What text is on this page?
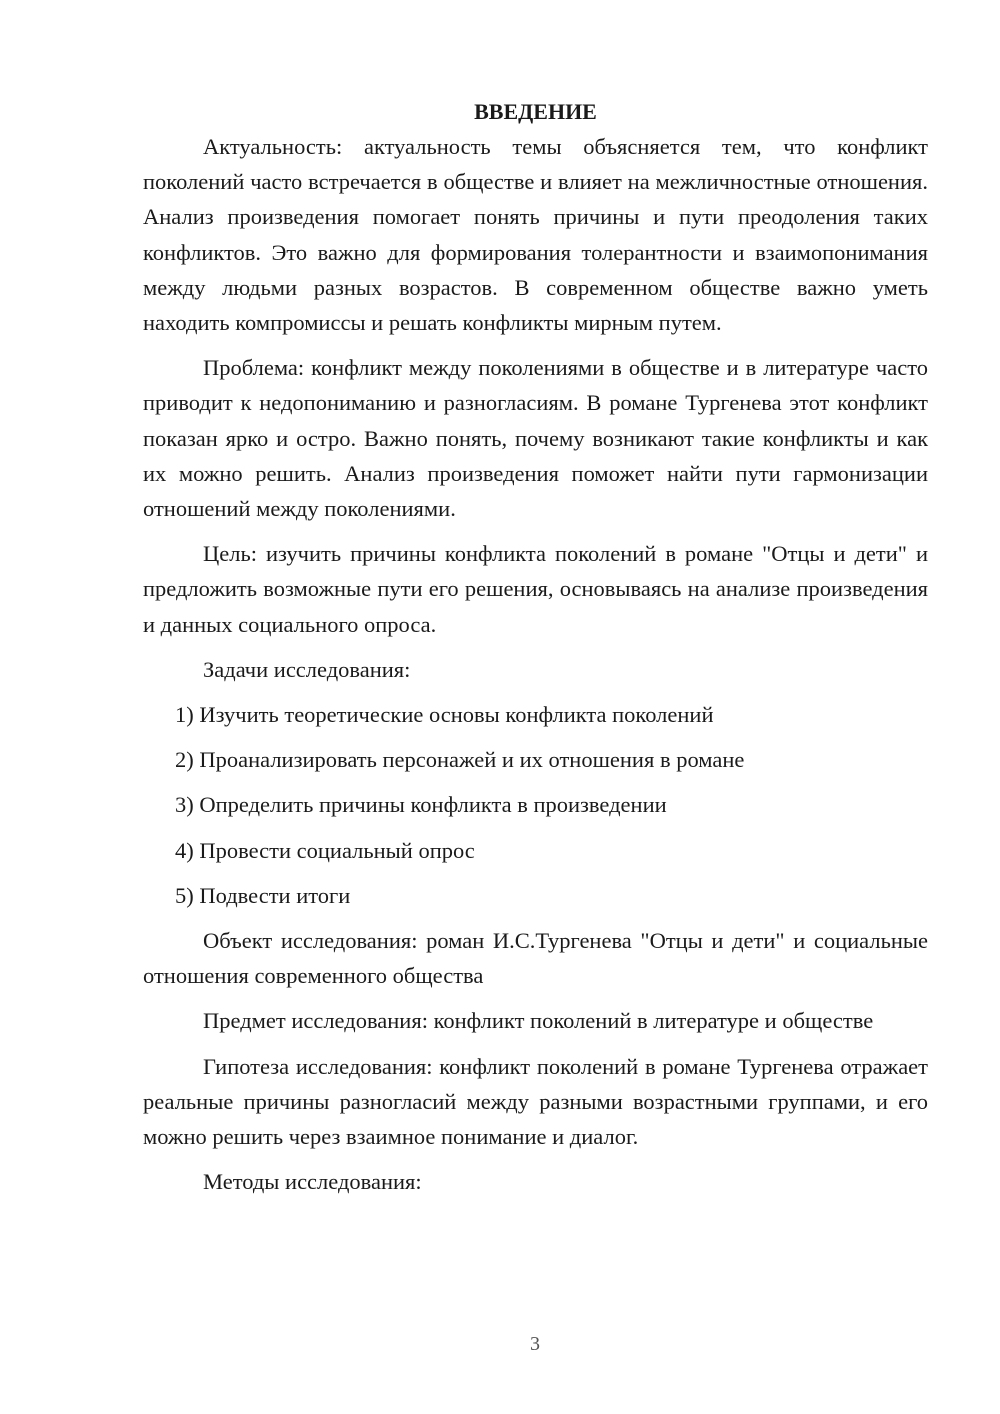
ВВЕДЕНИЕ

Актуальность: актуальность темы объясняется тем, что конфликт поколений часто встречается в обществе и влияет на межличностные отношения. Анализ произведения помогает понять причины и пути преодоления таких конфликтов. Это важно для формирования толерантности и взаимопонимания между людьми разных возрастов. В современном обществе важно уметь находить компромиссы и решать конфликты мирным путем.

Проблема: конфликт между поколениями в обществе и в литературе часто приводит к недопониманию и разногласиям. В романе Тургенева этот конфликт показан ярко и остро. Важно понять, почему возникают такие конфликты и как их можно решить. Анализ произведения поможет найти пути гармонизации отношений между поколениями.

Цель: изучить причины конфликта поколений в романе "Отцы и дети" и предложить возможные пути его решения, основываясь на анализе произведения и данных социального опроса.

Задачи исследования:

1) Изучить теоретические основы конфликта поколений
2) Проанализировать персонажей и их отношения в романе
3) Определить причины конфликта в произведении
4) Провести социальный опрос
5) Подвести итоги

Объект исследования: роман И.С.Тургенева "Отцы и дети" и социальные отношения современного общества

Предмет исследования: конфликт поколений в литературе и обществе

Гипотеза исследования: конфликт поколений в романе Тургенева отражает реальные причины разногласий между разными возрастными группами, и его можно решить через взаимное понимание и диалог.

Методы исследования:

3
